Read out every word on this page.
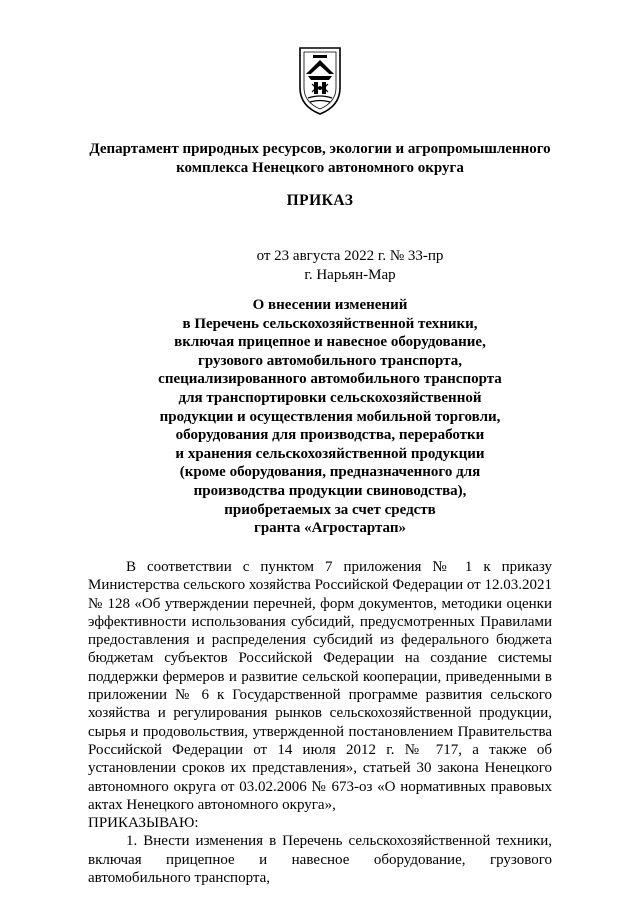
Департамент природных ресурсов, экологии и агропромышленного
комплекса Ненецкого автономного округа
ПРИКАЗ
от 23 августа 2022 г. № 33-пр
г. Нарьян-Мар
О внесении изменений
в Перечень сельскохозяйственной техники,
включая прицепное и навесное оборудование,
грузового автомобильного транспорта,
специализированного автомобильного транспорта
для транспортировки сельскохозяйственной
продукции и осуществления мобильной торговли,
оборудования для производства, переработки
и хранения сельскохозяйственной продукции
(кроме оборудования, предназначенного для
производства продукции свиноводства),
приобретаемых за счет средств
гранта «Агростартап»

В соответствии с пунктом 7 приложения № 1 к приказу Министерства сельского хозяйства Российской Федерации от 12.03.2021 № 128 «Об утверждении перечней, форм документов, методики оценки эффективности использования субсидий, предусмотренных Правилами предоставления и распределения субсидий из федерального бюджета бюджетам субъектов Российской Федерации на создание системы поддержки фермеров и развитие сельской кооперации, приведенными в приложении № 6 к Государственной программе развития сельского хозяйства и регулирования рынков сельскохозяйственной продукции, сырья и продовольствия, утвержденной постановлением Правительства Российской Федерации от 14 июля 2012 г. № 717, а также об установлении сроков их представления», статьей 30 закона Ненецкого автономного округа от 03.02.2006 № 673-оз «О нормативных правовых актах Ненецкого автономного округа»,

ПРИКАЗЫВАЮ:

1. Внести изменения в Перечень сельскохозяйственной техники, включая прицепное и навесное оборудование, грузового автомобильного транспорта,
